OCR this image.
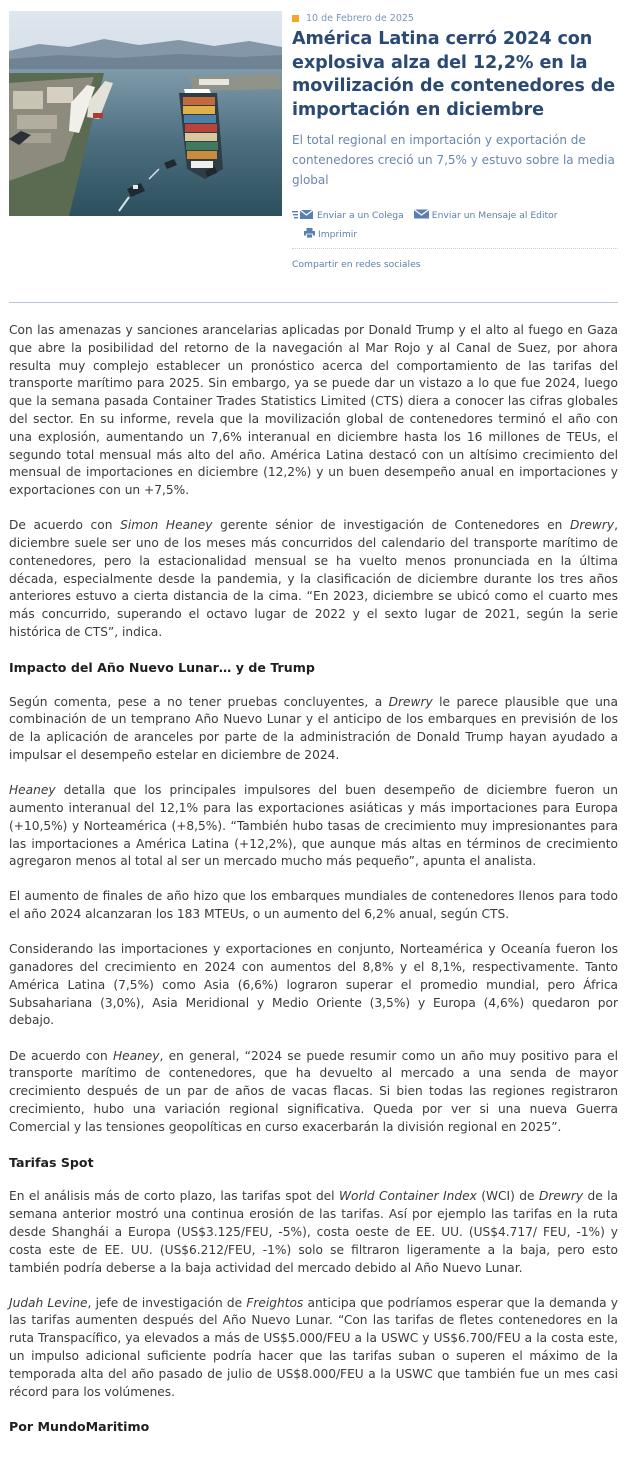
10 de Febrero de 2025
América Latina cerró 2024 con explosiva alza del 12,2% en la movilización de contenedores de importación en diciembre
El total regional en importación y exportación de contenedores creció un 7,5% y estuvo sobre la media global
Enviar a un Colega	Enviar un Mensaje al Editor
Imprimir
Compartir en redes sociales

Con las amenazas y sanciones arancelarias aplicadas por Donald Trump y el alto al fuego en Gaza que abre la posibilidad del retorno de la navegación al Mar Rojo y al Canal de Suez, por ahora resulta muy complejo establecer un pronóstico acerca del comportamiento de las tarifas del transporte marítimo para 2025. Sin embargo, ya se puede dar un vistazo a lo que fue 2024, luego que la semana pasada Container Trades Statistics Limited (CTS) diera a conocer las cifras globales del sector. En su informe, revela que la movilización global de contenedores terminó el año con una explosión, aumentando un 7,6% interanual en diciembre hasta los 16 millones de TEUs, el segundo total mensual más alto del año. América Latina destacó con un altísimo crecimiento del mensual de importaciones en diciembre (12,2%) y un buen desempeño anual en importaciones y exportaciones con un +7,5%.

De acuerdo con Simon Heaney gerente sénior de investigación de Contenedores en Drewry, diciembre suele ser uno de los meses más concurridos del calendario del transporte marítimo de contenedores, pero la estacionalidad mensual se ha vuelto menos pronunciada en la última década, especialmente desde la pandemia, y la clasificación de diciembre durante los tres años anteriores estuvo a cierta distancia de la cima. “En 2023, diciembre se ubicó como el cuarto mes más concurrido, superando el octavo lugar de 2022 y el sexto lugar de 2021, según la serie histórica de CTS”, indica.

Impacto del Año Nuevo Lunar… y de Trump

Según comenta, pese a no tener pruebas concluyentes, a Drewry le parece plausible que una combinación de un temprano Año Nuevo Lunar y el anticipo de los embarques en previsión de los de la aplicación de aranceles por parte de la administración de Donald Trump hayan ayudado a impulsar el desempeño estelar en diciembre de 2024.

Heaney detalla que los principales impulsores del buen desempeño de diciembre fueron un aumento interanual del 12,1% para las exportaciones asiáticas y más importaciones para Europa (+10,5%) y Norteamérica (+8,5%). “También hubo tasas de crecimiento muy impresionantes para las importaciones a América Latina (+12,2%), que aunque más altas en términos de crecimiento agregaron menos al total al ser un mercado mucho más pequeño”, apunta el analista.

El aumento de finales de año hizo que los embarques mundiales de contenedores llenos para todo el año 2024 alcanzaran los 183 MTEUs, o un aumento del 6,2% anual, según CTS.

Considerando las importaciones y exportaciones en conjunto, Norteamérica y Oceanía fueron los ganadores del crecimiento en 2024 con aumentos del 8,8% y el 8,1%, respectivamente. Tanto América Latina (7,5%) como Asia (6,6%) lograron superar el promedio mundial, pero África Subsahariana (3,0%), Asia Meridional y Medio Oriente (3,5%) y Europa (4,6%) quedaron por debajo.

De acuerdo con Heaney, en general, “2024 se puede resumir como un año muy positivo para el transporte marítimo de contenedores, que ha devuelto al mercado a una senda de mayor crecimiento después de un par de años de vacas flacas. Si bien todas las regiones registraron crecimiento, hubo una variación regional significativa. Queda por ver si una nueva Guerra Comercial y las tensiones geopolíticas en curso exacerbarán la división regional en 2025”.

Tarifas Spot

En el análisis más de corto plazo, las tarifas spot del World Container Index (WCI) de Drewry de la semana anterior mostró una continua erosión de las tarifas. Así por ejemplo las tarifas en la ruta desde Shanghái a Europa (US$3.125/FEU, -5%), costa oeste de EE. UU. (US$4.717/ FEU, -1%) y costa este de EE. UU. (US$6.212/FEU, -1%) solo se filtraron ligeramente a la baja, pero esto también podría deberse a la baja actividad del mercado debido al Año Nuevo Lunar.

Judah Levine, jefe de investigación de Freightos anticipa que podríamos esperar que la demanda y las tarifas aumenten después del Año Nuevo Lunar. “Con las tarifas de fletes contenedores en la ruta Transpacífico, ya elevados a más de US$5.000/FEU a la USWC y US$6.700/FEU a la costa este, un impulso adicional suficiente podría hacer que las tarifas suban o superen el máximo de la temporada alta del año pasado de julio de US$8.000/FEU a la USWC que también fue un mes casi récord para los volúmenes.

Por MundoMaritimo
